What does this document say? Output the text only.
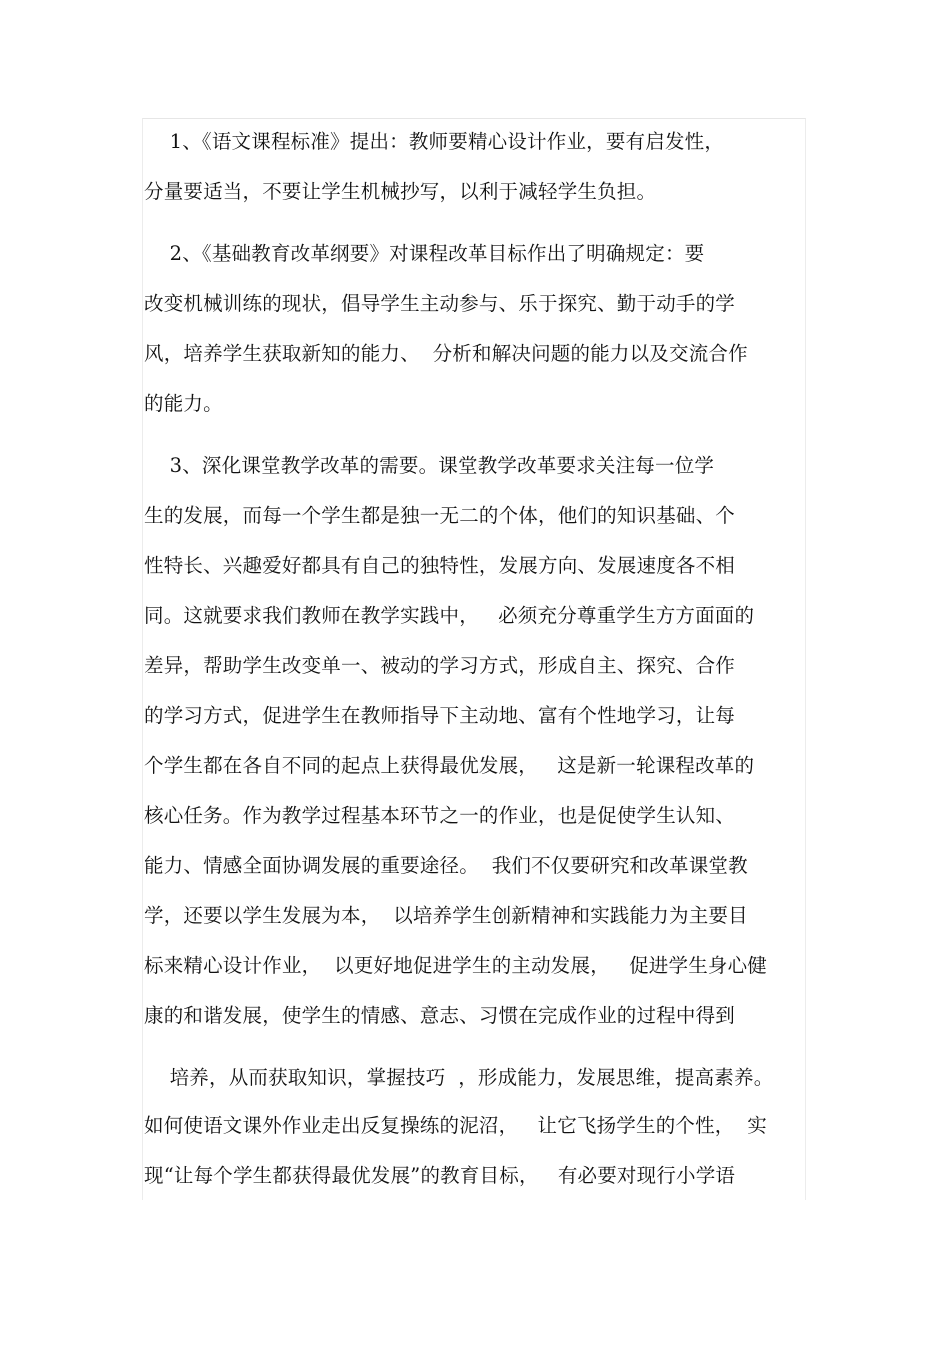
1、《语文课程标准》提出：教师要精心设计作业，要有启发性，
分量要适当，不要让学生机械抄写，以利于减轻学生负担。
2、《基础教育改革纲要》对课程改革目标作出了明确规定：要
改变机械训练的现状，倡导学生主动参与、乐于探究、勤于动手的学
风，培养学生获取新知的能力、  分析和解决问题的能力以及交流合作
的能力。
3、深化课堂教学改革的需要。课堂教学改革要求关注每一位学
生的发展，而每一个学生都是独一无二的个体，他们的知识基础、个
性特长、兴趣爱好都具有自己的独特性，发展方向、发展速度各不相
同。这就要求我们教师在教学实践中，   必须充分尊重学生方方面面的
差异，帮助学生改变单一、被动的学习方式，形成自主、探究、合作
的学习方式，促进学生在教师指导下主动地、富有个性地学习，让每
个学生都在各自不同的起点上获得最优发展，   这是新一轮课程改革的
核心任务。作为教学过程基本环节之一的作业，也是促使学生认知、
能力、情感全面协调发展的重要途径。  我们不仅要研究和改革课堂教
学，还要以学生发展为本，  以培养学生创新精神和实践能力为主要目
标来精心设计作业，  以更好地促进学生的主动发展，   促进学生身心健
康的和谐发展，使学生的情感、意志、习惯在完成作业的过程中得到
培养，从而获取知识，掌握技巧  ，形成能力，发展思维，提高素养。
如何使语文课外作业走出反复操练的泥沼，   让它飞扬学生的个性，  实
现“让每个学生都获得最优发展”的教育目标，   有必要对现行小学语
